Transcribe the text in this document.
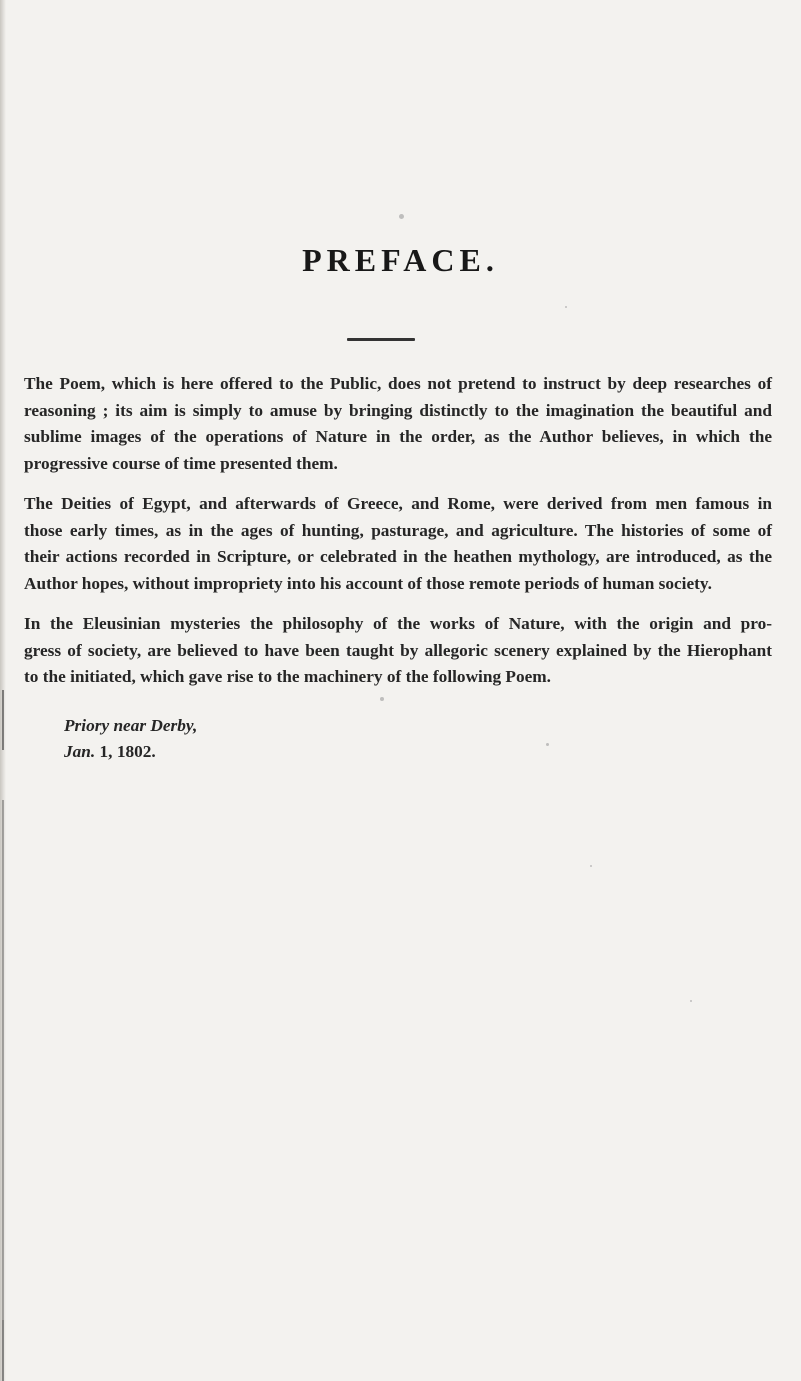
PREFACE.
The Poem, which is here offered to the Public, does not pretend to instruct by deep researches of
reasoning ; its aim is simply to amuse by bringing distinctly to the imagination the beautiful and
sublime images of the operations of Nature in the order, as the Author believes, in which the
progressive course of time presented them.
The Deities of Egypt, and afterwards of Greece, and Rome, were derived from men famous in
those early times, as in the ages of hunting, pasturage, and agriculture. The histories of some of
their actions recorded in Scripture, or celebrated in the heathen mythology, are introduced, as the
Author hopes, without impropriety into his account of those remote periods of human society.
In the Eleusinian mysteries the philosophy of the works of Nature, with the origin and pro-
gress of society, are believed to have been taught by allegoric scenery explained by the Hierophant
to the initiated, which gave rise to the machinery of the following Poem.
Priory near Derby,
Jan. 1, 1802.
